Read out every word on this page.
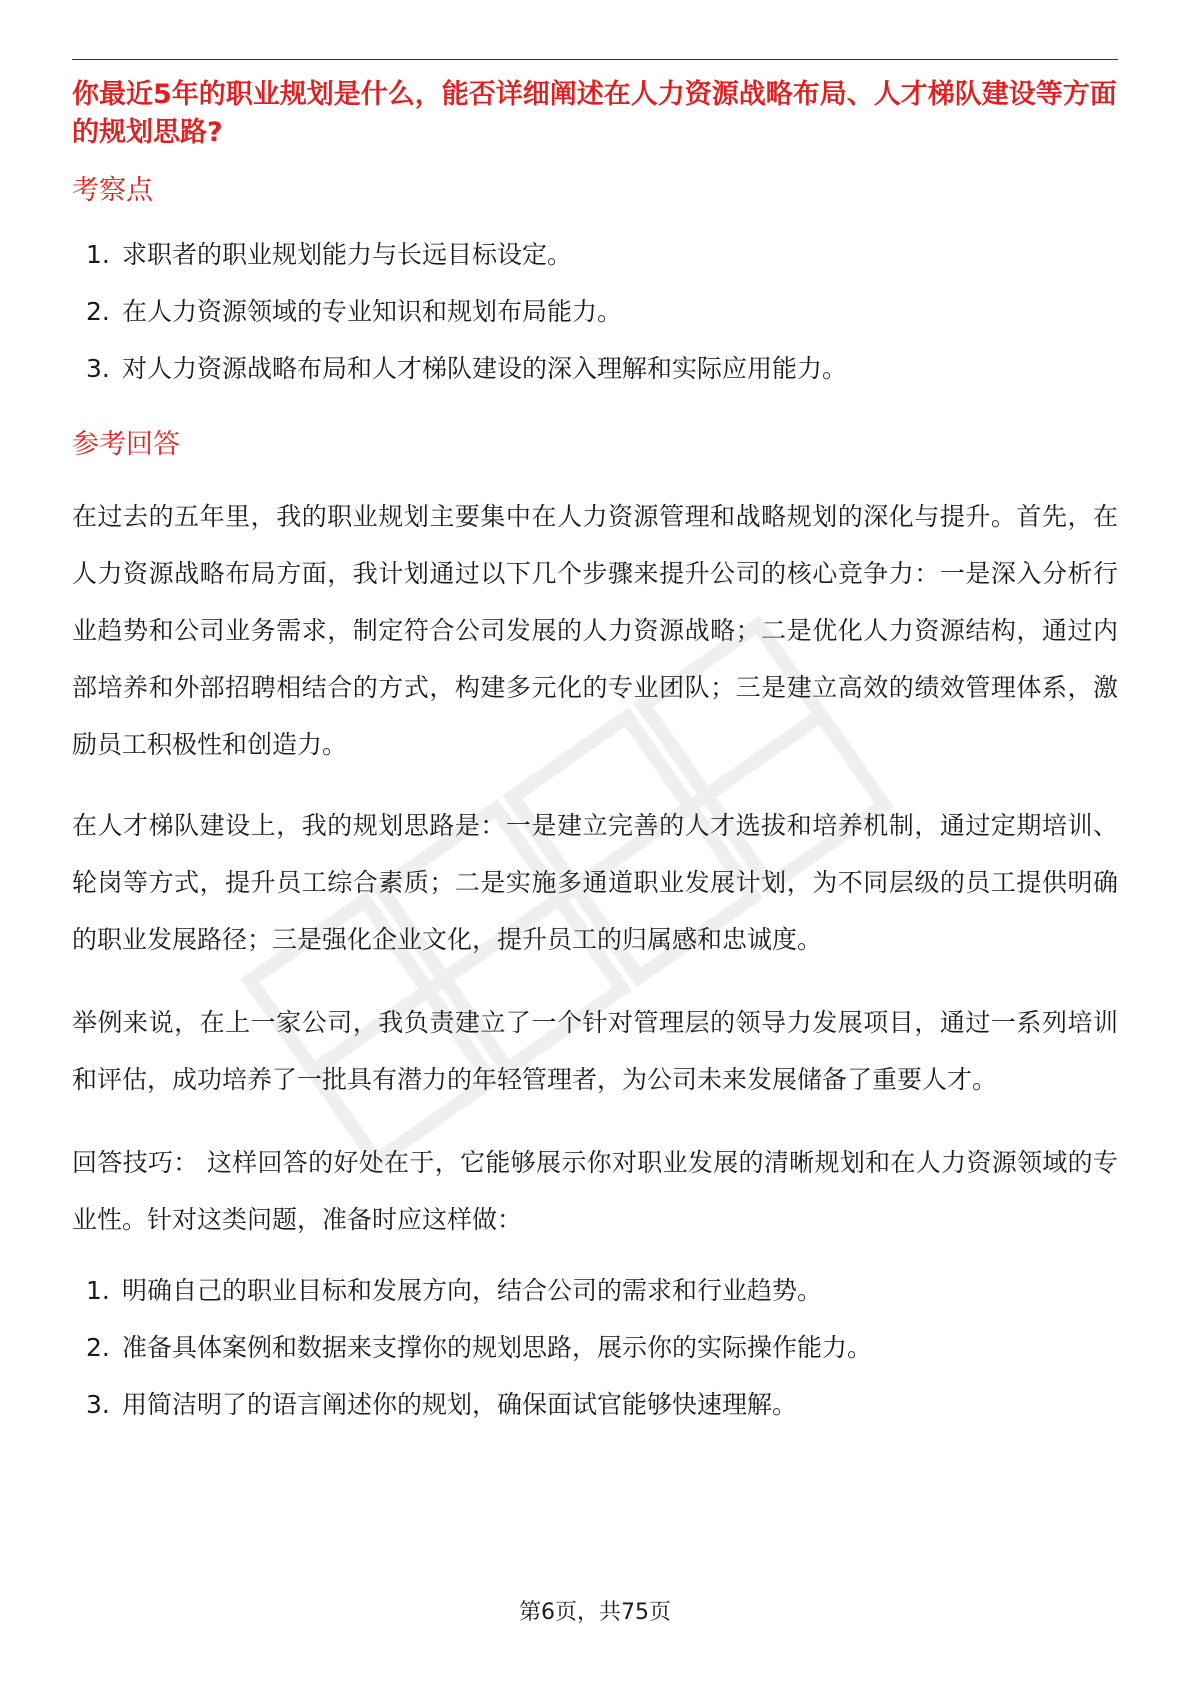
你最近5年的职业规划是什么，能否详细阐述在人力资源战略布局、人才梯队建设等方面的规划思路?

考察点

1. 求职者的职业规划能力与长远目标设定。
2. 在人力资源领域的专业知识和规划布局能力。
3. 对人力资源战略布局和人才梯队建设的深入理解和实际应用能力。

参考回答

在过去的五年里，我的职业规划主要集中在人力资源管理和战略规划的深化与提升。首先，在人力资源战略布局方面，我计划通过以下几个步骤来提升公司的核心竞争力：一是深入分析行业趋势和公司业务需求，制定符合公司发展的人力资源战略；二是优化人力资源结构，通过内部培养和外部招聘相结合的方式，构建多元化的专业团队；三是建立高效的绩效管理体系，激励员工积极性和创造力。

在人才梯队建设上，我的规划思路是：一是建立完善的人才选拔和培养机制，通过定期培训、轮岗等方式，提升员工综合素质；二是实施多通道职业发展计划，为不同层级的员工提供明确的职业发展路径；三是强化企业文化，提升员工的归属感和忠诚度。

举例来说，在上一家公司，我负责建立了一个针对管理层的领导力发展项目，通过一系列培训和评估，成功培养了一批具有潜力的年轻管理者，为公司未来发展储备了重要人才。

回答技巧： 这样回答的好处在于，它能够展示你对职业发展的清晰规划和在人力资源领域的专业性。针对这类问题，准备时应这样做：

1. 明确自己的职业目标和发展方向，结合公司的需求和行业趋势。
2. 准备具体案例和数据来支撑你的规划思路，展示你的实际操作能力。
3. 用简洁明了的语言阐述你的规划，确保面试官能够快速理解。
第6页，共75页
